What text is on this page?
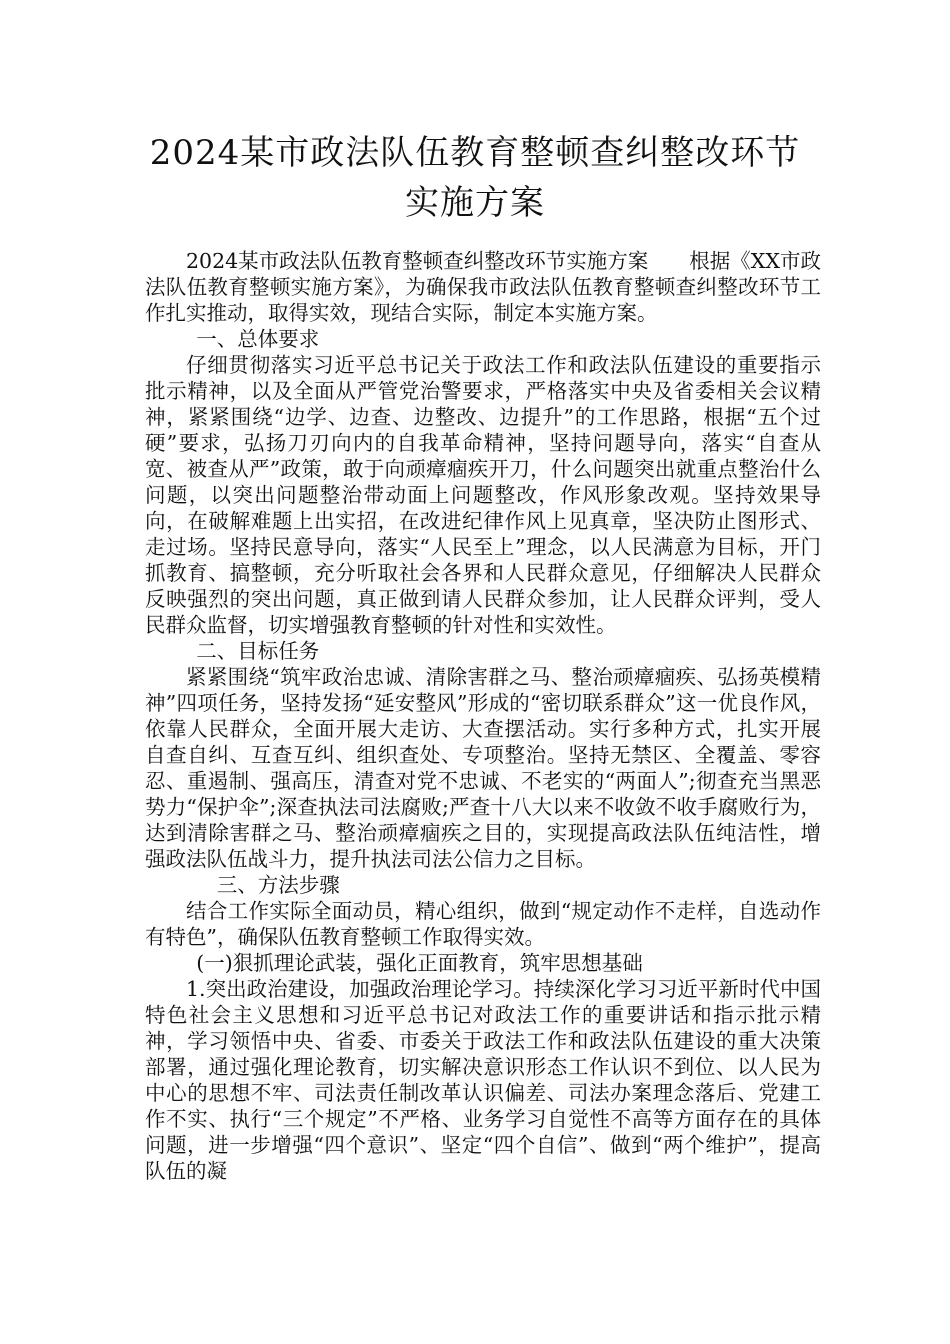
2024某市政法队伍教育整顿查纠整改环节
实施方案

2024某市政法队伍教育整顿查纠整改环节实施方案　　根据《XX市政法队伍教育整顿实施方案》，为确保我市政法队伍教育整顿查纠整改环节工作扎实推动，取得实效，现结合实际，制定本实施方案。

一、总体要求

仔细贯彻落实习近平总书记关于政法工作和政法队伍建设的重要指示批示精神，以及全面从严管党治警要求，严格落实中央及省委相关会议精神，紧紧围绕“边学、边查、边整改、边提升”的工作思路，根据“五个过硬”要求，弘扬刀刃向内的自我革命精神，坚持问题导向，落实“自查从宽、被查从严”政策，敢于向顽瘴痼疾开刀，什么问题突出就重点整治什么问题，以突出问题整治带动面上问题整改，作风形象改观。坚持效果导向，在破解难题上出实招，在改进纪律作风上见真章，坚决防止图形式、走过场。坚持民意导向，落实“人民至上”理念，以人民满意为目标，开门抓教育、搞整顿，充分听取社会各界和人民群众意见，仔细解决人民群众反映强烈的突出问题，真正做到请人民群众参加，让人民群众评判，受人民群众监督，切实增强教育整顿的针对性和实效性。

二、目标任务

紧紧围绕“筑牢政治忠诚、清除害群之马、整治顽瘴痼疾、弘扬英模精神”四项任务，坚持发扬“延安整风”形成的“密切联系群众”这一优良作风，依靠人民群众，全面开展大走访、大查摆活动。实行多种方式，扎实开展自查自纠、互查互纠、组织查处、专项整治。坚持无禁区、全覆盖、零容忍、重遏制、强高压，清查对党不忠诚、不老实的“两面人”;彻查充当黑恶势力“保护伞”;深查执法司法腐败;严查十八大以来不收敛不收手腐败行为，达到清除害群之马、整治顽瘴痼疾之目的，实现提高政法队伍纯洁性，增强政法队伍战斗力，提升执法司法公信力之目标。

三、方法步骤

结合工作实际全面动员，精心组织，做到“规定动作不走样，自选动作有特色”，确保队伍教育整顿工作取得实效。

(一)狠抓理论武装，强化正面教育，筑牢思想基础

1.突出政治建设，加强政治理论学习。持续深化学习习近平新时代中国特色社会主义思想和习近平总书记对政法工作的重要讲话和指示批示精神，学习领悟中央、省委、市委关于政法工作和政法队伍建设的重大决策部署，通过强化理论教育，切实解决意识形态工作认识不到位、以人民为中心的思想不牢、司法责任制改革认识偏差、司法办案理念落后、党建工作不实、执行“三个规定”不严格、业务学习自觉性不高等方面存在的具体问题，进一步增强“四个意识”、坚定“四个自信”、做到“两个维护”，提高队伍的凝
